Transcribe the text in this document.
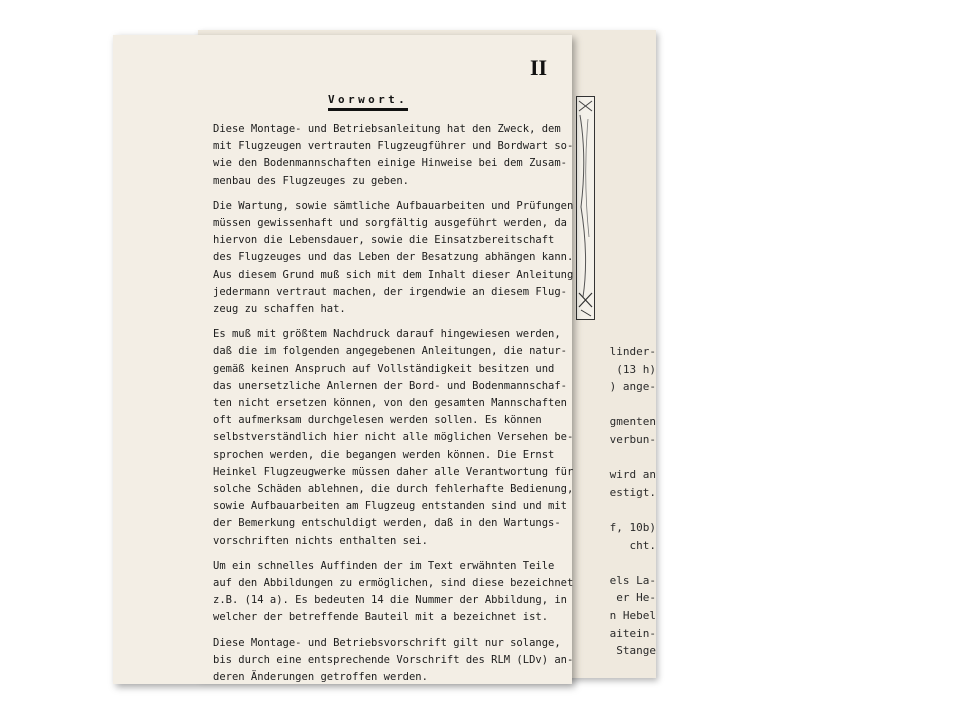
linder-
(13 h)
) ange-

gmenten
verbun-

wird an
estigt.

f, 10b)
cht.

els La-
er He-
n Hebel
aitein-
Stange
II
Vorwort.
Diese Montage- und Betriebsanleitung hat den Zweck, dem
mit Flugzeugen vertrauten Flugzeugführer und Bordwart so-
wie den Bodenmannschaften einige Hinweise bei dem Zusam-
menbau des Flugzeuges zu geben.
Die Wartung, sowie sämtliche Aufbauarbeiten und Prüfungen
müssen gewissenhaft und sorgfältig ausgeführt werden, da
hiervon die Lebensdauer, sowie die Einsatzbereitschaft
des Flugzeuges und das Leben der Besatzung abhängen kann.
Aus diesem Grund muß sich mit dem Inhalt dieser Anleitung
jedermann vertraut machen, der irgendwie an diesem Flug-
zeug zu schaffen hat.
Es muß mit größtem Nachdruck darauf hingewiesen werden,
daß die im folgenden angegebenen Anleitungen, die natur-
gemäß keinen Anspruch auf Vollständigkeit besitzen und
das unersetzliche Anlernen der Bord- und Bodenmannschaf-
ten nicht ersetzen können, von den gesamten Mannschaften
oft aufmerksam durchgelesen werden sollen. Es können
selbstverständlich hier nicht alle möglichen Versehen be-
sprochen werden, die begangen werden können. Die Ernst
Heinkel Flugzeugwerke müssen daher alle Verantwortung für
solche Schäden ablehnen, die durch fehlerhafte Bedienung,
sowie Aufbauarbeiten am Flugzeug entstanden sind und mit
der Bemerkung entschuldigt werden, daß in den Wartungs-
vorschriften nichts enthalten sei.
Um ein schnelles Auffinden der im Text erwähnten Teile
auf den Abbildungen zu ermöglichen, sind diese bezeichnet
z.B. (14 a). Es bedeuten 14 die Nummer der Abbildung, in
welcher der betreffende Bauteil mit a bezeichnet ist.
Diese Montage- und Betriebsvorschrift gilt nur solange,
bis durch eine entsprechende Vorschrift des RLM (LDv) an-
deren Änderungen getroffen werden.
